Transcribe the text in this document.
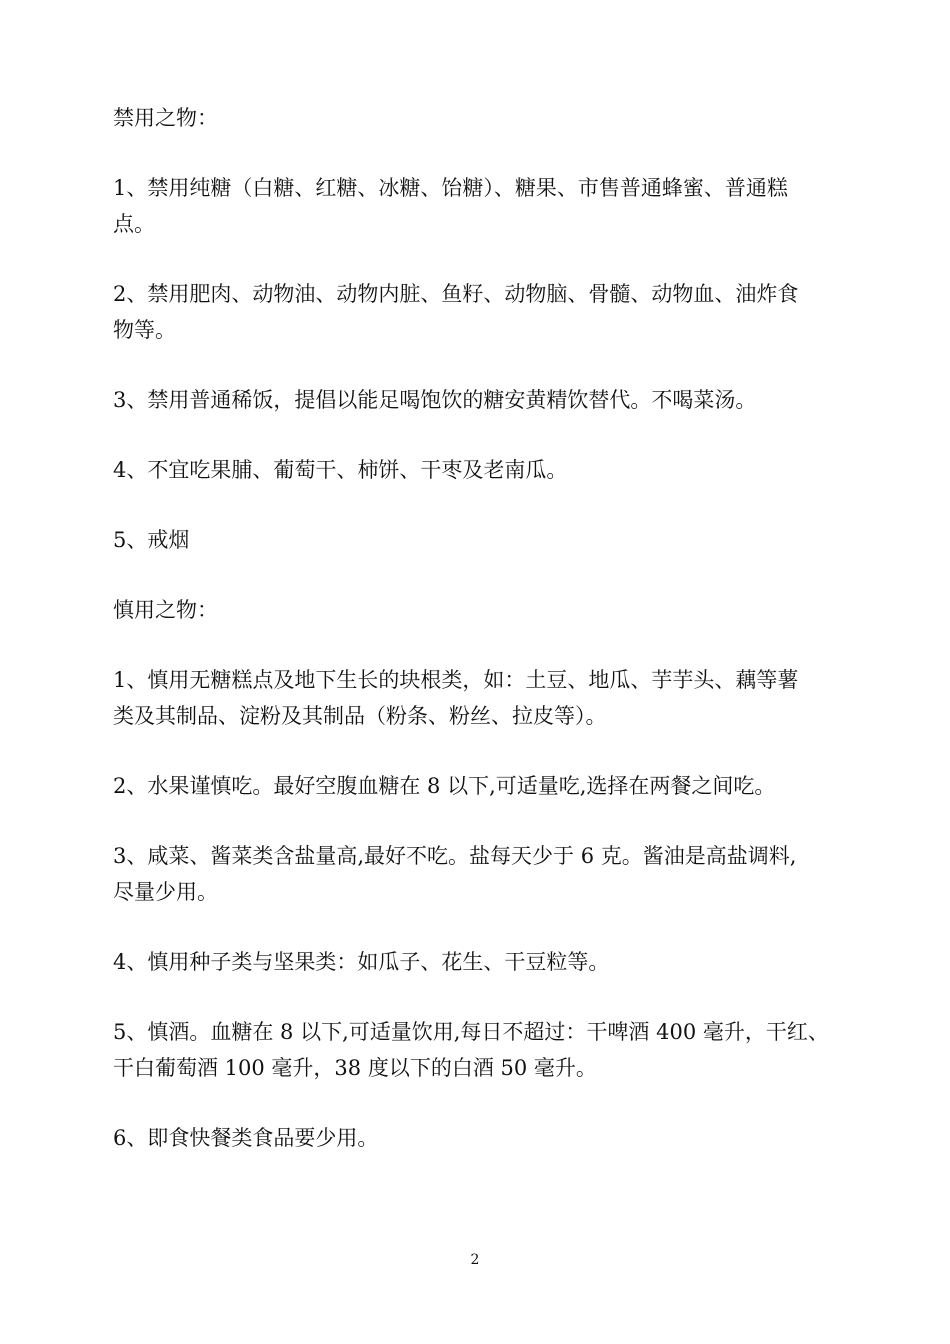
禁用之物：
1、禁用纯糖（白糖、红糖、冰糖、饴糖）、糖果、市售普通蜂蜜、普通糕
点。
2、禁用肥肉、动物油、动物内脏、鱼籽、动物脑、骨髓、动物血、油炸食
物等。
3、禁用普通稀饭，提倡以能足喝饱饮的糖安黄精饮替代。不喝菜汤。
4、不宜吃果脯、葡萄干、柿饼、干枣及老南瓜。
5、戒烟
慎用之物：
1、慎用无糖糕点及地下生长的块根类，如：土豆、地瓜、芋芋头、藕等薯
类及其制品、淀粉及其制品（粉条、粉丝、拉皮等）。
2、水果谨慎吃。最好空腹血糖在 8 以下,可适量吃,选择在两餐之间吃。
3、咸菜、酱菜类含盐量高,最好不吃。盐每天少于 6 克。酱油是高盐调料,
尽量少用。
4、慎用种子类与坚果类：如瓜子、花生、干豆粒等。
5、慎酒。血糖在 8 以下,可适量饮用,每日不超过：干啤酒 400 毫升，干红、
干白葡萄酒 100 毫升，38 度以下的白酒 50 毫升。
6、即食快餐类食品要少用。
2
